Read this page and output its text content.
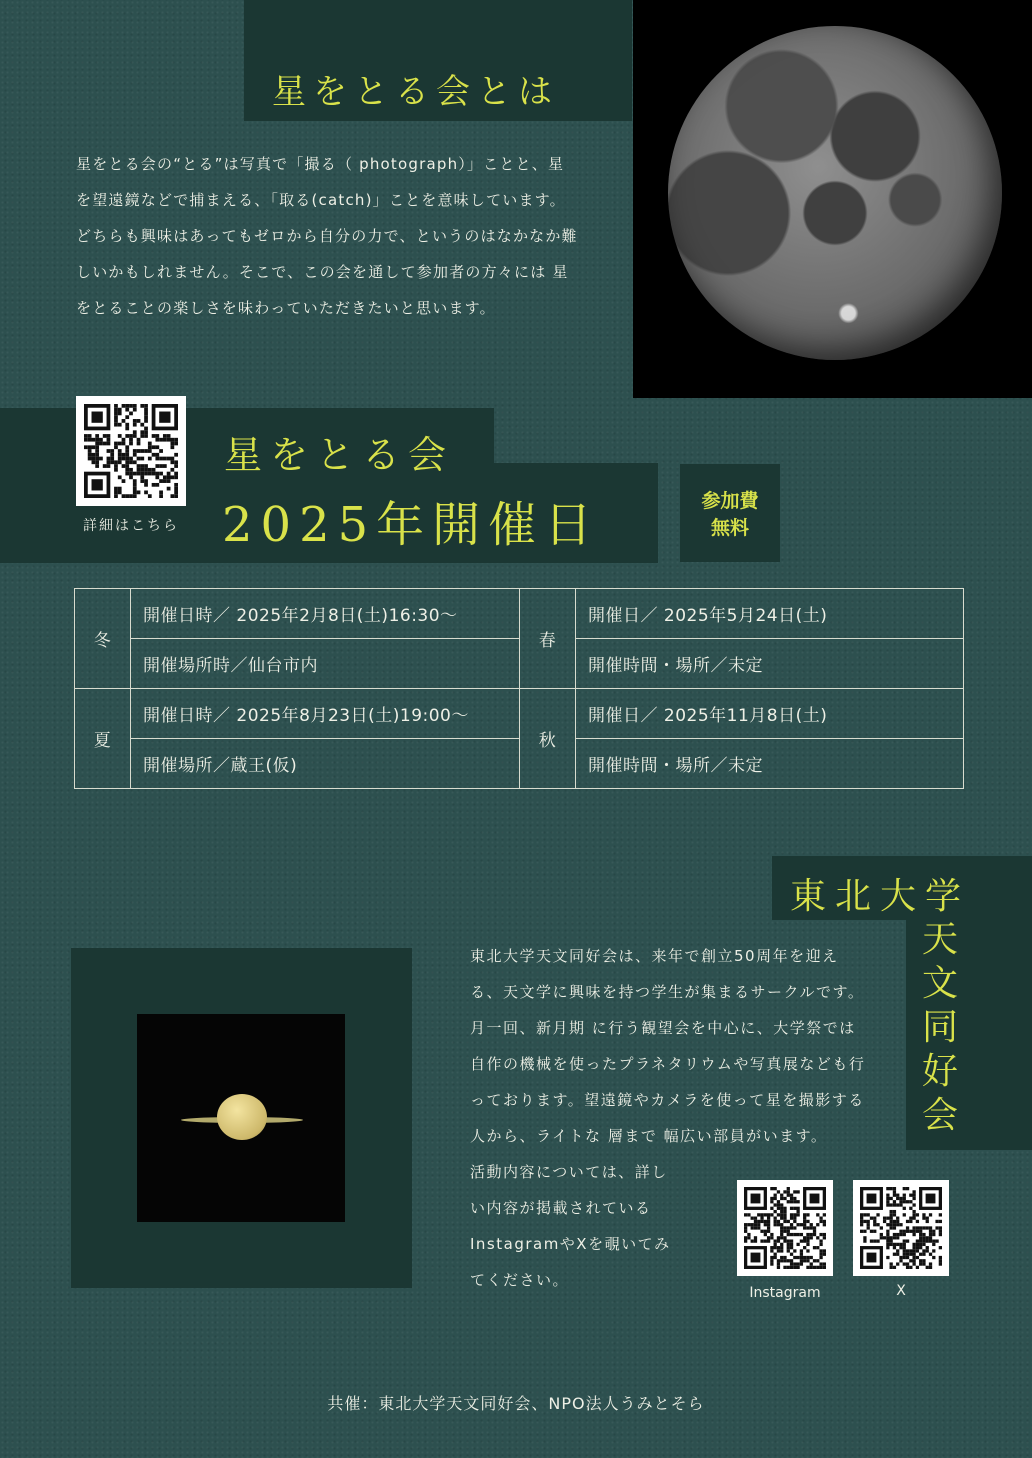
星をとる会とは

星をとる会の“とる”は写真で「撮る（ photograph）」ことと、星を望遠鏡などで捕まえる、「取る(catch)」ことを意味しています。どちらも興味はあってもゼロから自分の力で、というのはなかなか難しいかもしれません。そこで、この会を通して参加者の方々には 星をとることの楽しさを味わっていただきたいと思います。

詳細はこちら
星をとる会
2025年開催日	参加費
無料
冬	開催日時／ 2025年2月8日(土)16:30～	春	開催日／ 2025年5月24日(土)
	開催場所時／仙台市内		開催時間・場所／未定
夏	開催日時／ 2025年8月23日(土)19:00～	秋	開催日／ 2025年11月8日(土)
	開催場所／蔵王(仮)		開催時間・場所／未定
東北大学
天文同好会

東北大学天文同好会は、来年で創立50周年を迎える、天文学に興味を持つ学生が集まるサークルです。月一回、新月期 に行う観望会を中心に、大学祭では自作の機械を使ったプラネタリウムや写真展なども行っております。望遠鏡やカメラを使って星を撮影する人から、ライトな 層まで 幅広い部員がいます。

活動内容については、詳しい内容が掲載されているInstagramやXを覗いてみてください。

Instagram	X
共催：東北大学天文同好会、NPO法人うみとそら
